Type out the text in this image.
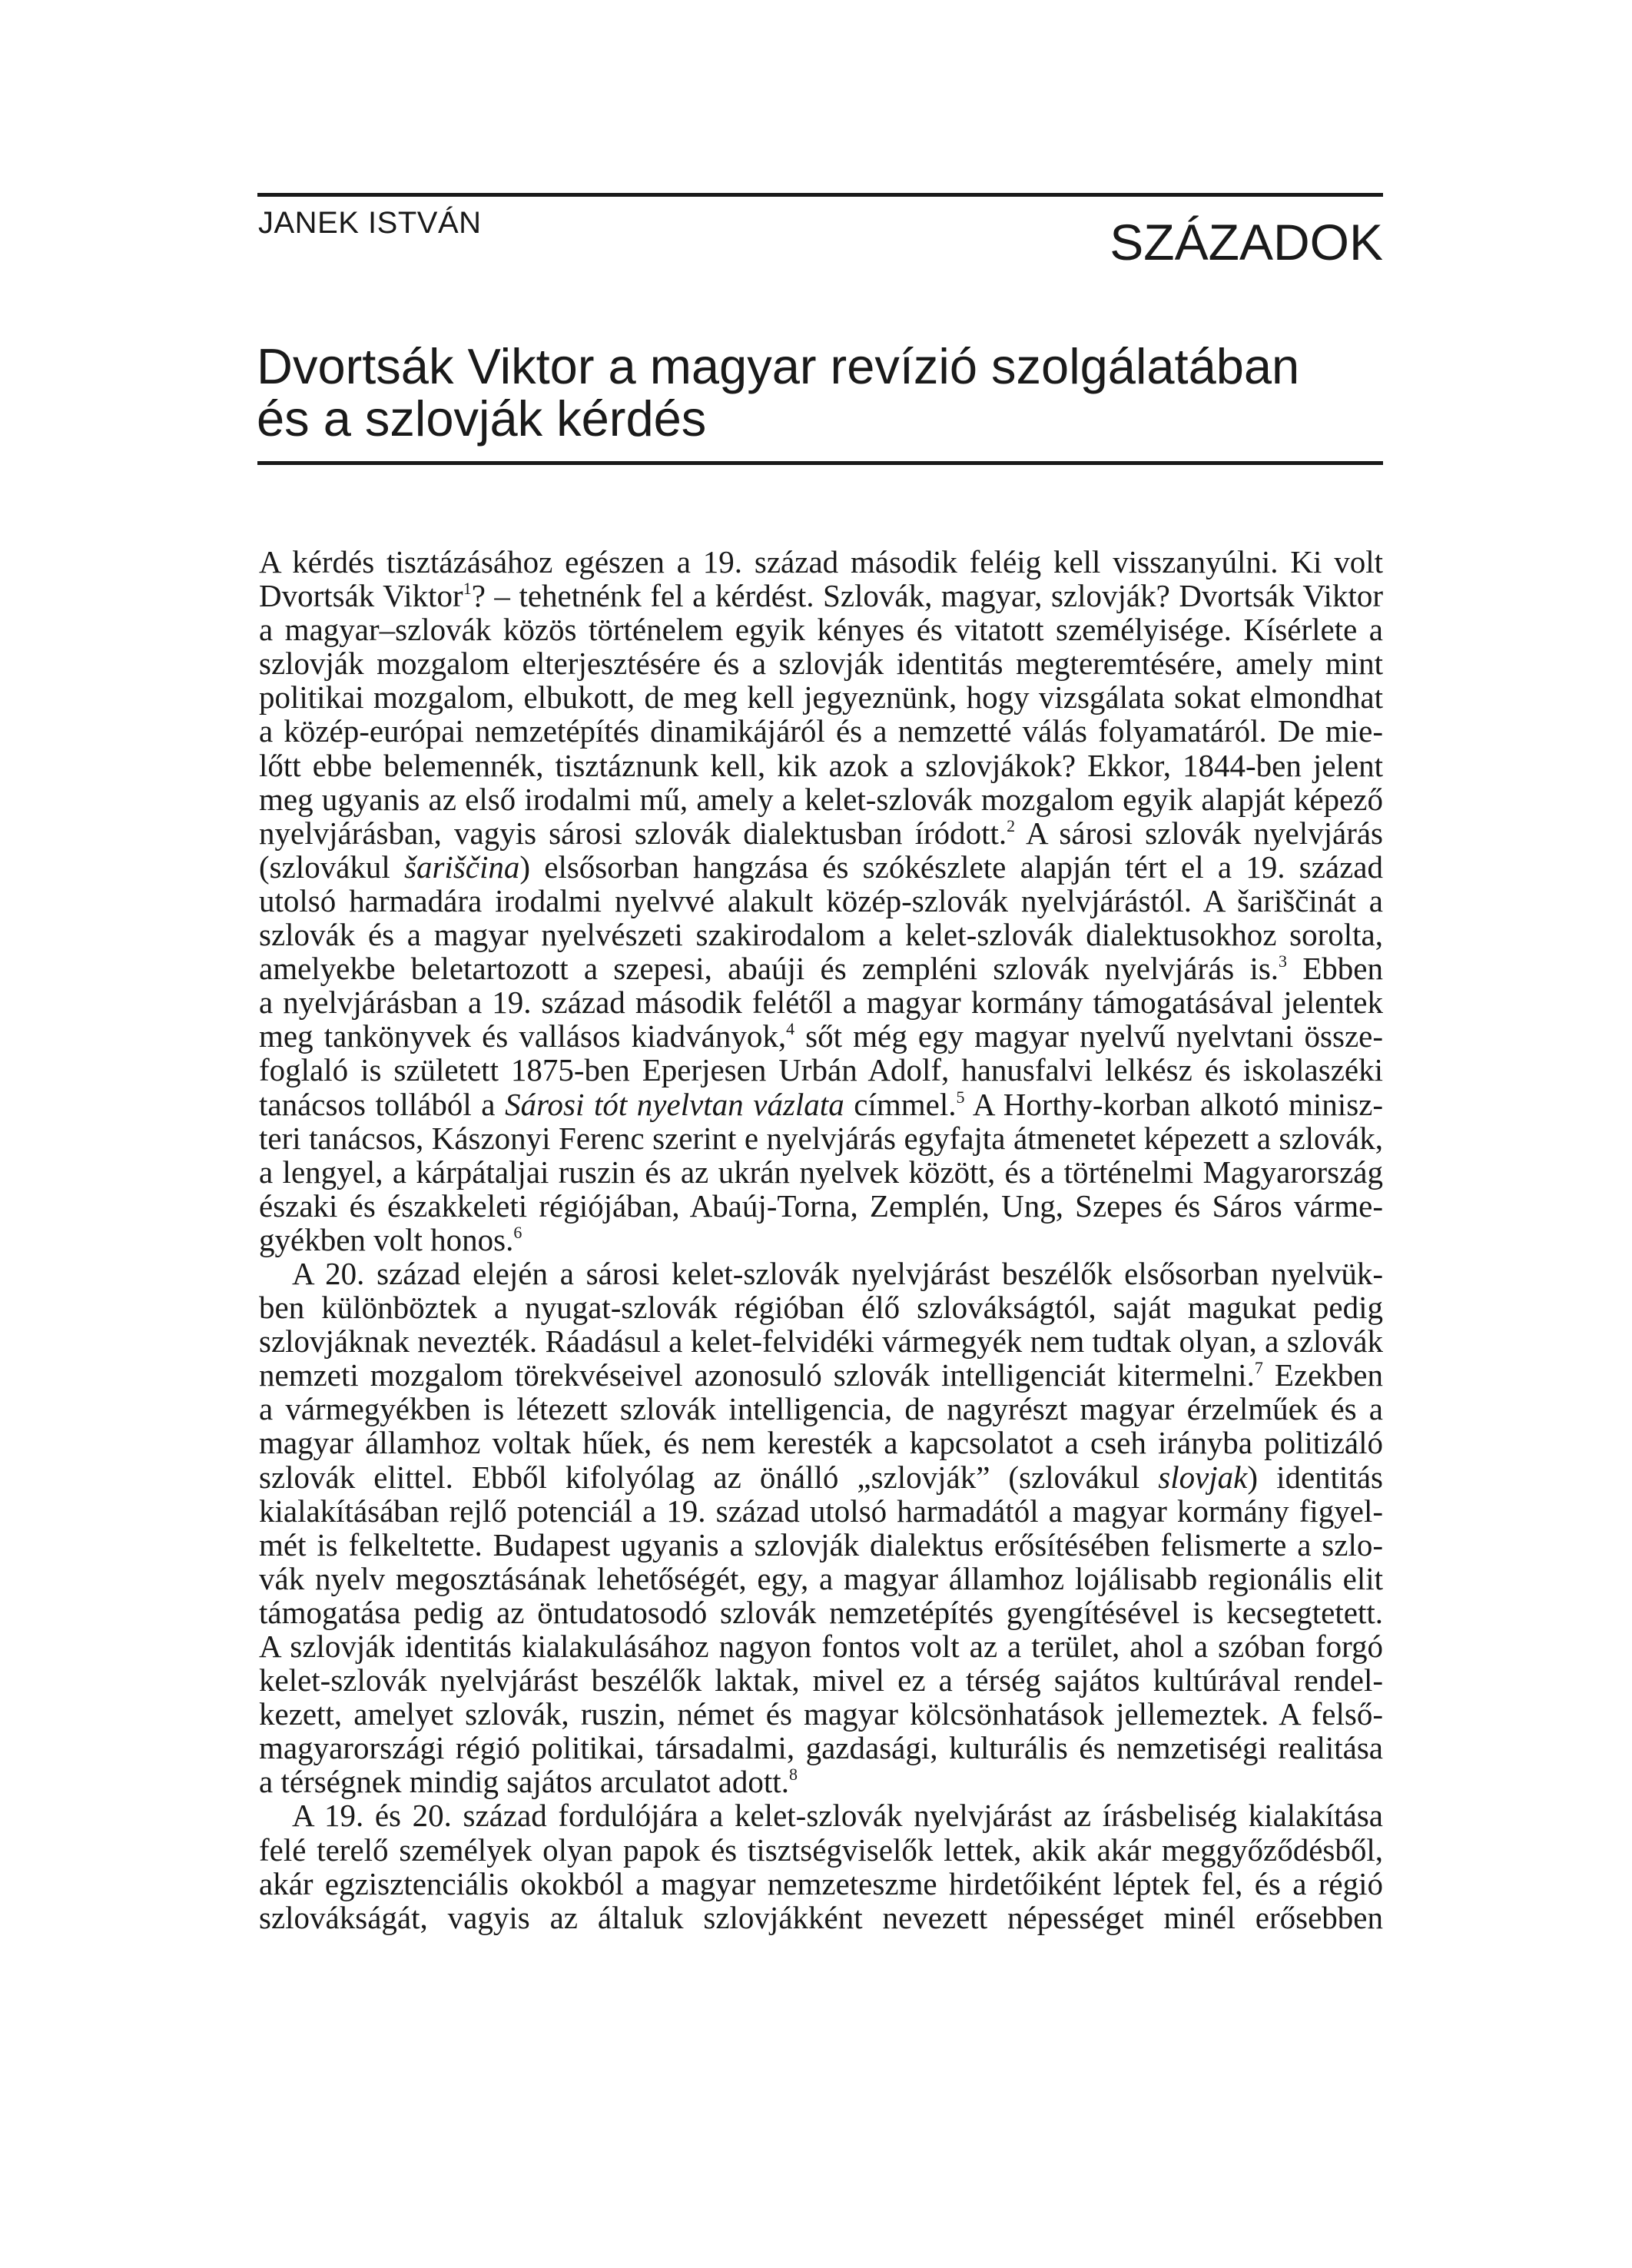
JANEK ISTVÁN	SZÁZADOK
Dvortsák Viktor a magyar revízió szolgálatában
és a szlovják kérdés
A kérdés tisztázásához egészen a 19. század második feléig kell visszanyúlni. Ki volt
Dvortsák Viktor$^1$? – tehetnénk fel a kérdést. Szlovák, magyar, szlovják? Dvortsák Viktor
a magyar–szlovák közös történelem egyik kényes és vitatott személyisége. Kísérlete a
szlovják mozgalom elterjesztésére és a szlovják identitás megteremtésére, amely mint
politikai mozgalom, elbukott, de meg kell jegyeznünk, hogy vizsgálata sokat elmondhat
a közép-európai nemzetépítés dinamikájáról és a nemzetté válás folyamatáról. De mie-
lőtt ebbe belemennék, tisztáznunk kell, kik azok a szlovjákok? Ekkor, 1844-ben jelent
meg ugyanis az első irodalmi mű, amely a kelet-szlovák mozgalom egyik alapját képező
nyelvjárásban, vagyis sárosi szlovák dialektusban íródott.$^2$ A sárosi szlovák nyelvjárás
(szlovákul šariščina) elsősorban hangzása és szókészlete alapján tért el a 19. század
utolsó harmadára irodalmi nyelvvé alakult közép-szlovák nyelvjárástól. A šariščinát a
szlovák és a magyar nyelvészeti szakirodalom a kelet-szlovák dialektusokhoz sorolta,
amelyekbe beletartozott a szepesi, abaúji és zempléni szlovák nyelvjárás is.$^3$ Ebben
a nyelvjárásban a 19. század második felétől a magyar kormány támogatásával jelentek
meg tankönyvek és vallásos kiadványok,$^4$ sőt még egy magyar nyelvű nyelvtani össze-
foglaló is született 1875-ben Eperjesen Urbán Adolf, hanusfalvi lelkész és iskolaszéki
tanácsos tollából a Sárosi tót nyelvtan vázlata címmel.$^5$ A Horthy-korban alkotó minisz-
teri tanácsos, Kászonyi Ferenc szerint e nyelvjárás egyfajta átmenetet képezett a szlovák,
a lengyel, a kárpátaljai ruszin és az ukrán nyelvek között, és a történelmi Magyarország
északi és északkeleti régiójában, Abaúj-Torna, Zemplén, Ung, Szepes és Sáros várme-
gyékben volt honos.$^6$
A 20. század elején a sárosi kelet-szlovák nyelvjárást beszélők elsősorban nyelvük-
ben különböztek a nyugat-szlovák régióban élő szlovákságtól, saját magukat pedig
szlovjáknak nevezték. Ráadásul a kelet-felvidéki vármegyék nem tudtak olyan, a szlovák
nemzeti mozgalom törekvéseivel azonosuló szlovák intelligenciát kitermelni.$^7$ Ezekben
a vármegyékben is létezett szlovák intelligencia, de nagyrészt magyar érzelműek és a
magyar államhoz voltak hűek, és nem keresték a kapcsolatot a cseh irányba politizáló
szlovák elittel. Ebből kifolyólag az önálló „szlovják” (szlovákul slovjak) identitás
kialakításában rejlő potenciál a 19. század utolsó harmadától a magyar kormány figyel-
mét is felkeltette. Budapest ugyanis a szlovják dialektus erősítésében felismerte a szlo-
vák nyelv megosztásának lehetőségét, egy, a magyar államhoz lojálisabb regionális elit
támogatása pedig az öntudatosodó szlovák nemzetépítés gyengítésével is kecsegtetett.
A szlovják identitás kialakulásához nagyon fontos volt az a terület, ahol a szóban forgó
kelet-szlovák nyelvjárást beszélők laktak, mivel ez a térség sajátos kultúrával rendel-
kezett, amelyet szlovák, ruszin, német és magyar kölcsönhatások jellemeztek. A felső-
magyarországi régió politikai, társadalmi, gazdasági, kulturális és nemzetiségi realitása
a térségnek mindig sajátos arculatot adott.$^8$
A 19. és 20. század fordulójára a kelet-szlovák nyelvjárást az írásbeliség kialakítása
felé terelő személyek olyan papok és tisztségviselők lettek, akik akár meggyőződésből,
akár egzisztenciális okokból a magyar nemzeteszme hirdetőiként léptek fel, és a régió
szlovákságát, vagyis az általuk szlovjákként nevezett népességet minél erősebben
